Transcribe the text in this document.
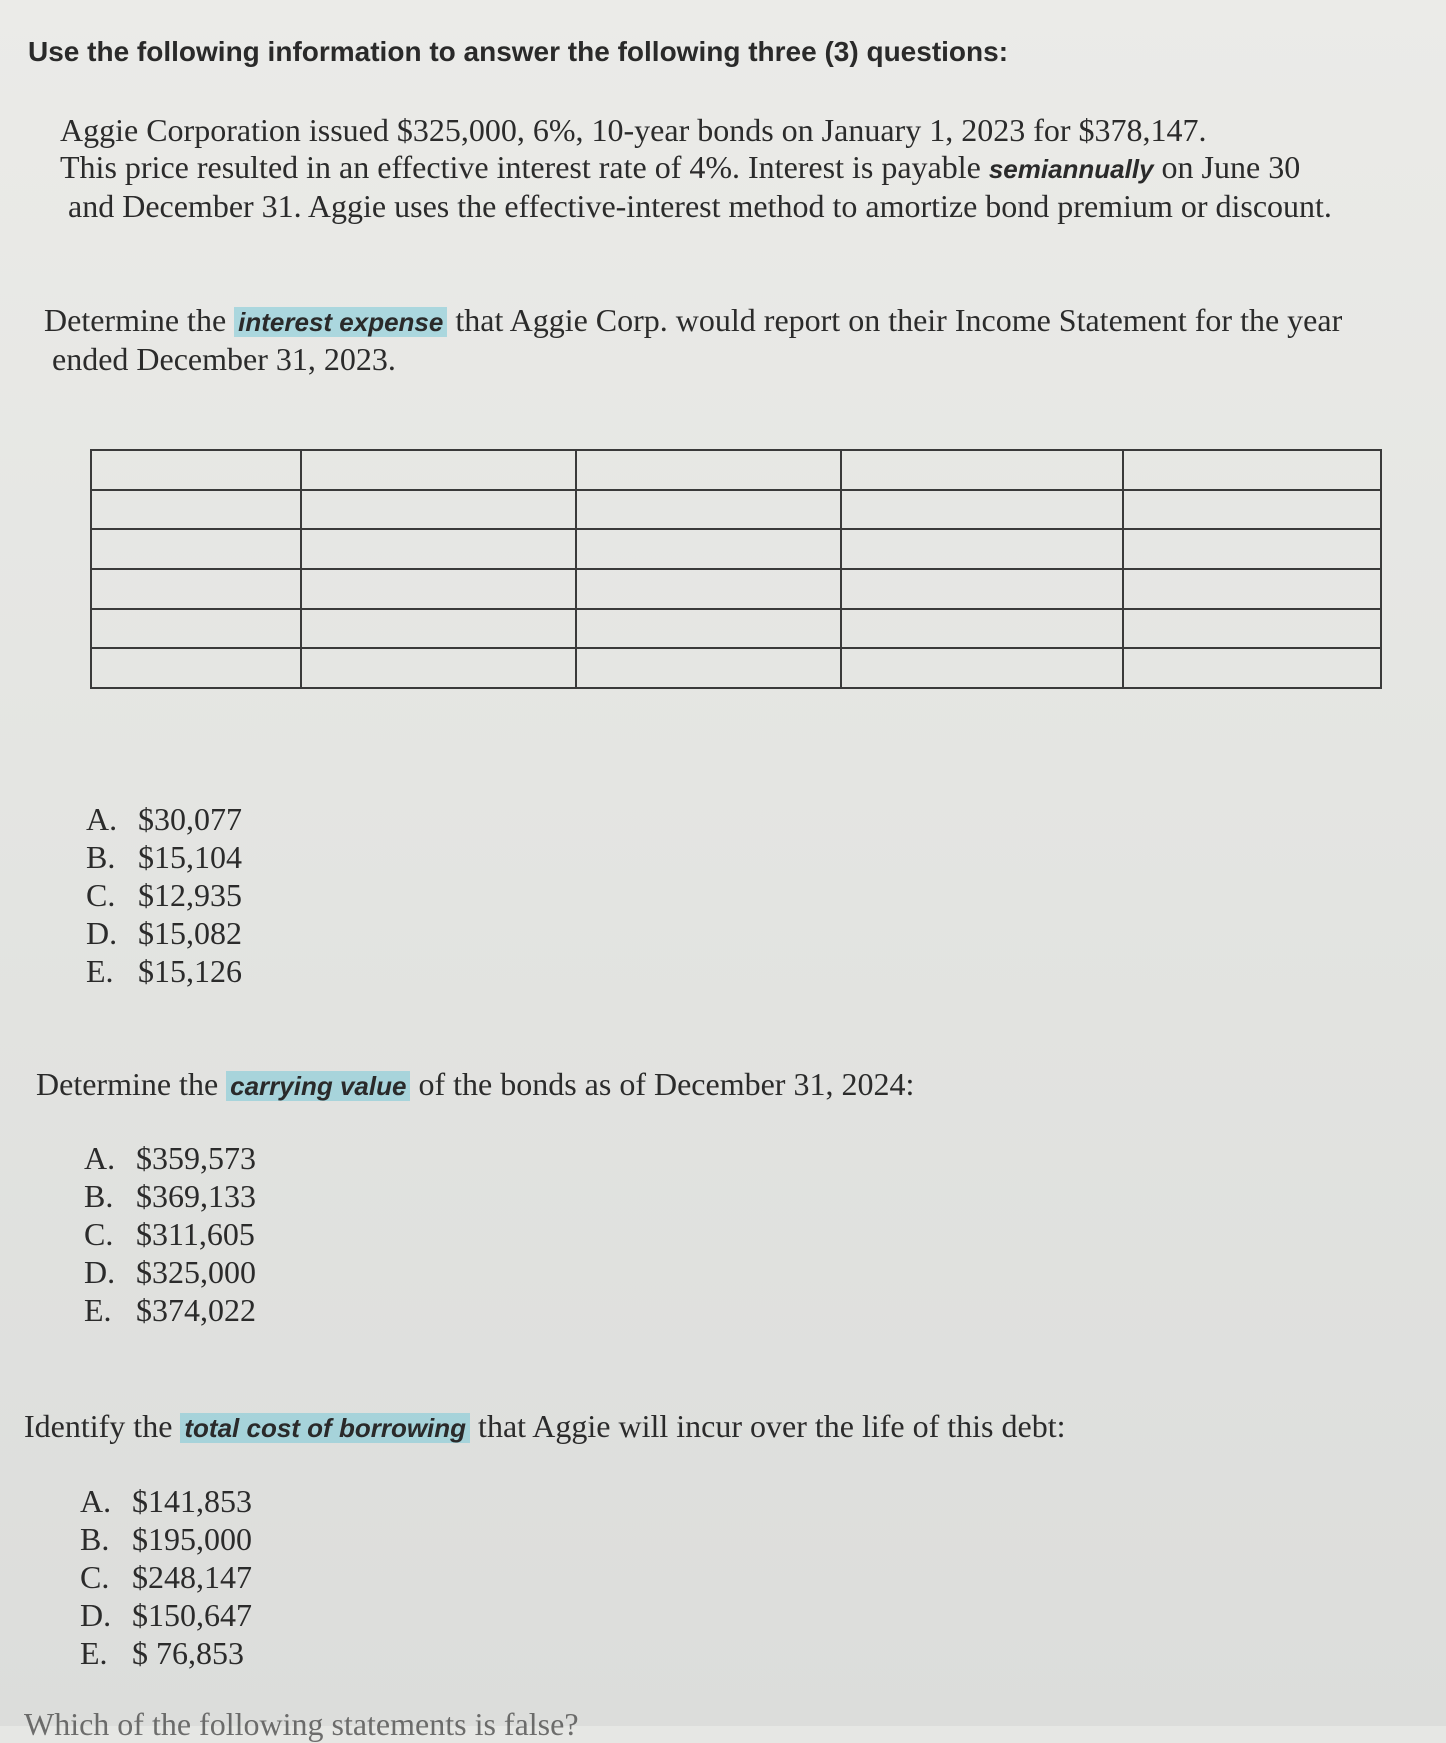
Use the following information to answer the following three (3) questions:
Aggie Corporation issued $325,000, 6%, 10-year bonds on January 1, 2023 for $378,147.
This price resulted in an effective interest rate of 4%. Interest is payable semiannually on June 30
and December 31. Aggie uses the effective-interest method to amortize bond premium or discount.
Determine the interest expense that Aggie Corp. would report on their Income Statement for the year
ended December 31, 2023.

A. $30,077
B. $15,104
C. $12,935
D. $15,082
E. $15,126
Determine the carrying value of the bonds as of December 31, 2024:
A. $359,573
B. $369,133
C. $311,605
D. $325,000
E. $374,022
Identify the total cost of borrowing that Aggie will incur over the life of this debt:
A. $141,853
B. $195,000
C. $248,147
D. $150,647
E. $ 76,853
Which of the following statements is false?
